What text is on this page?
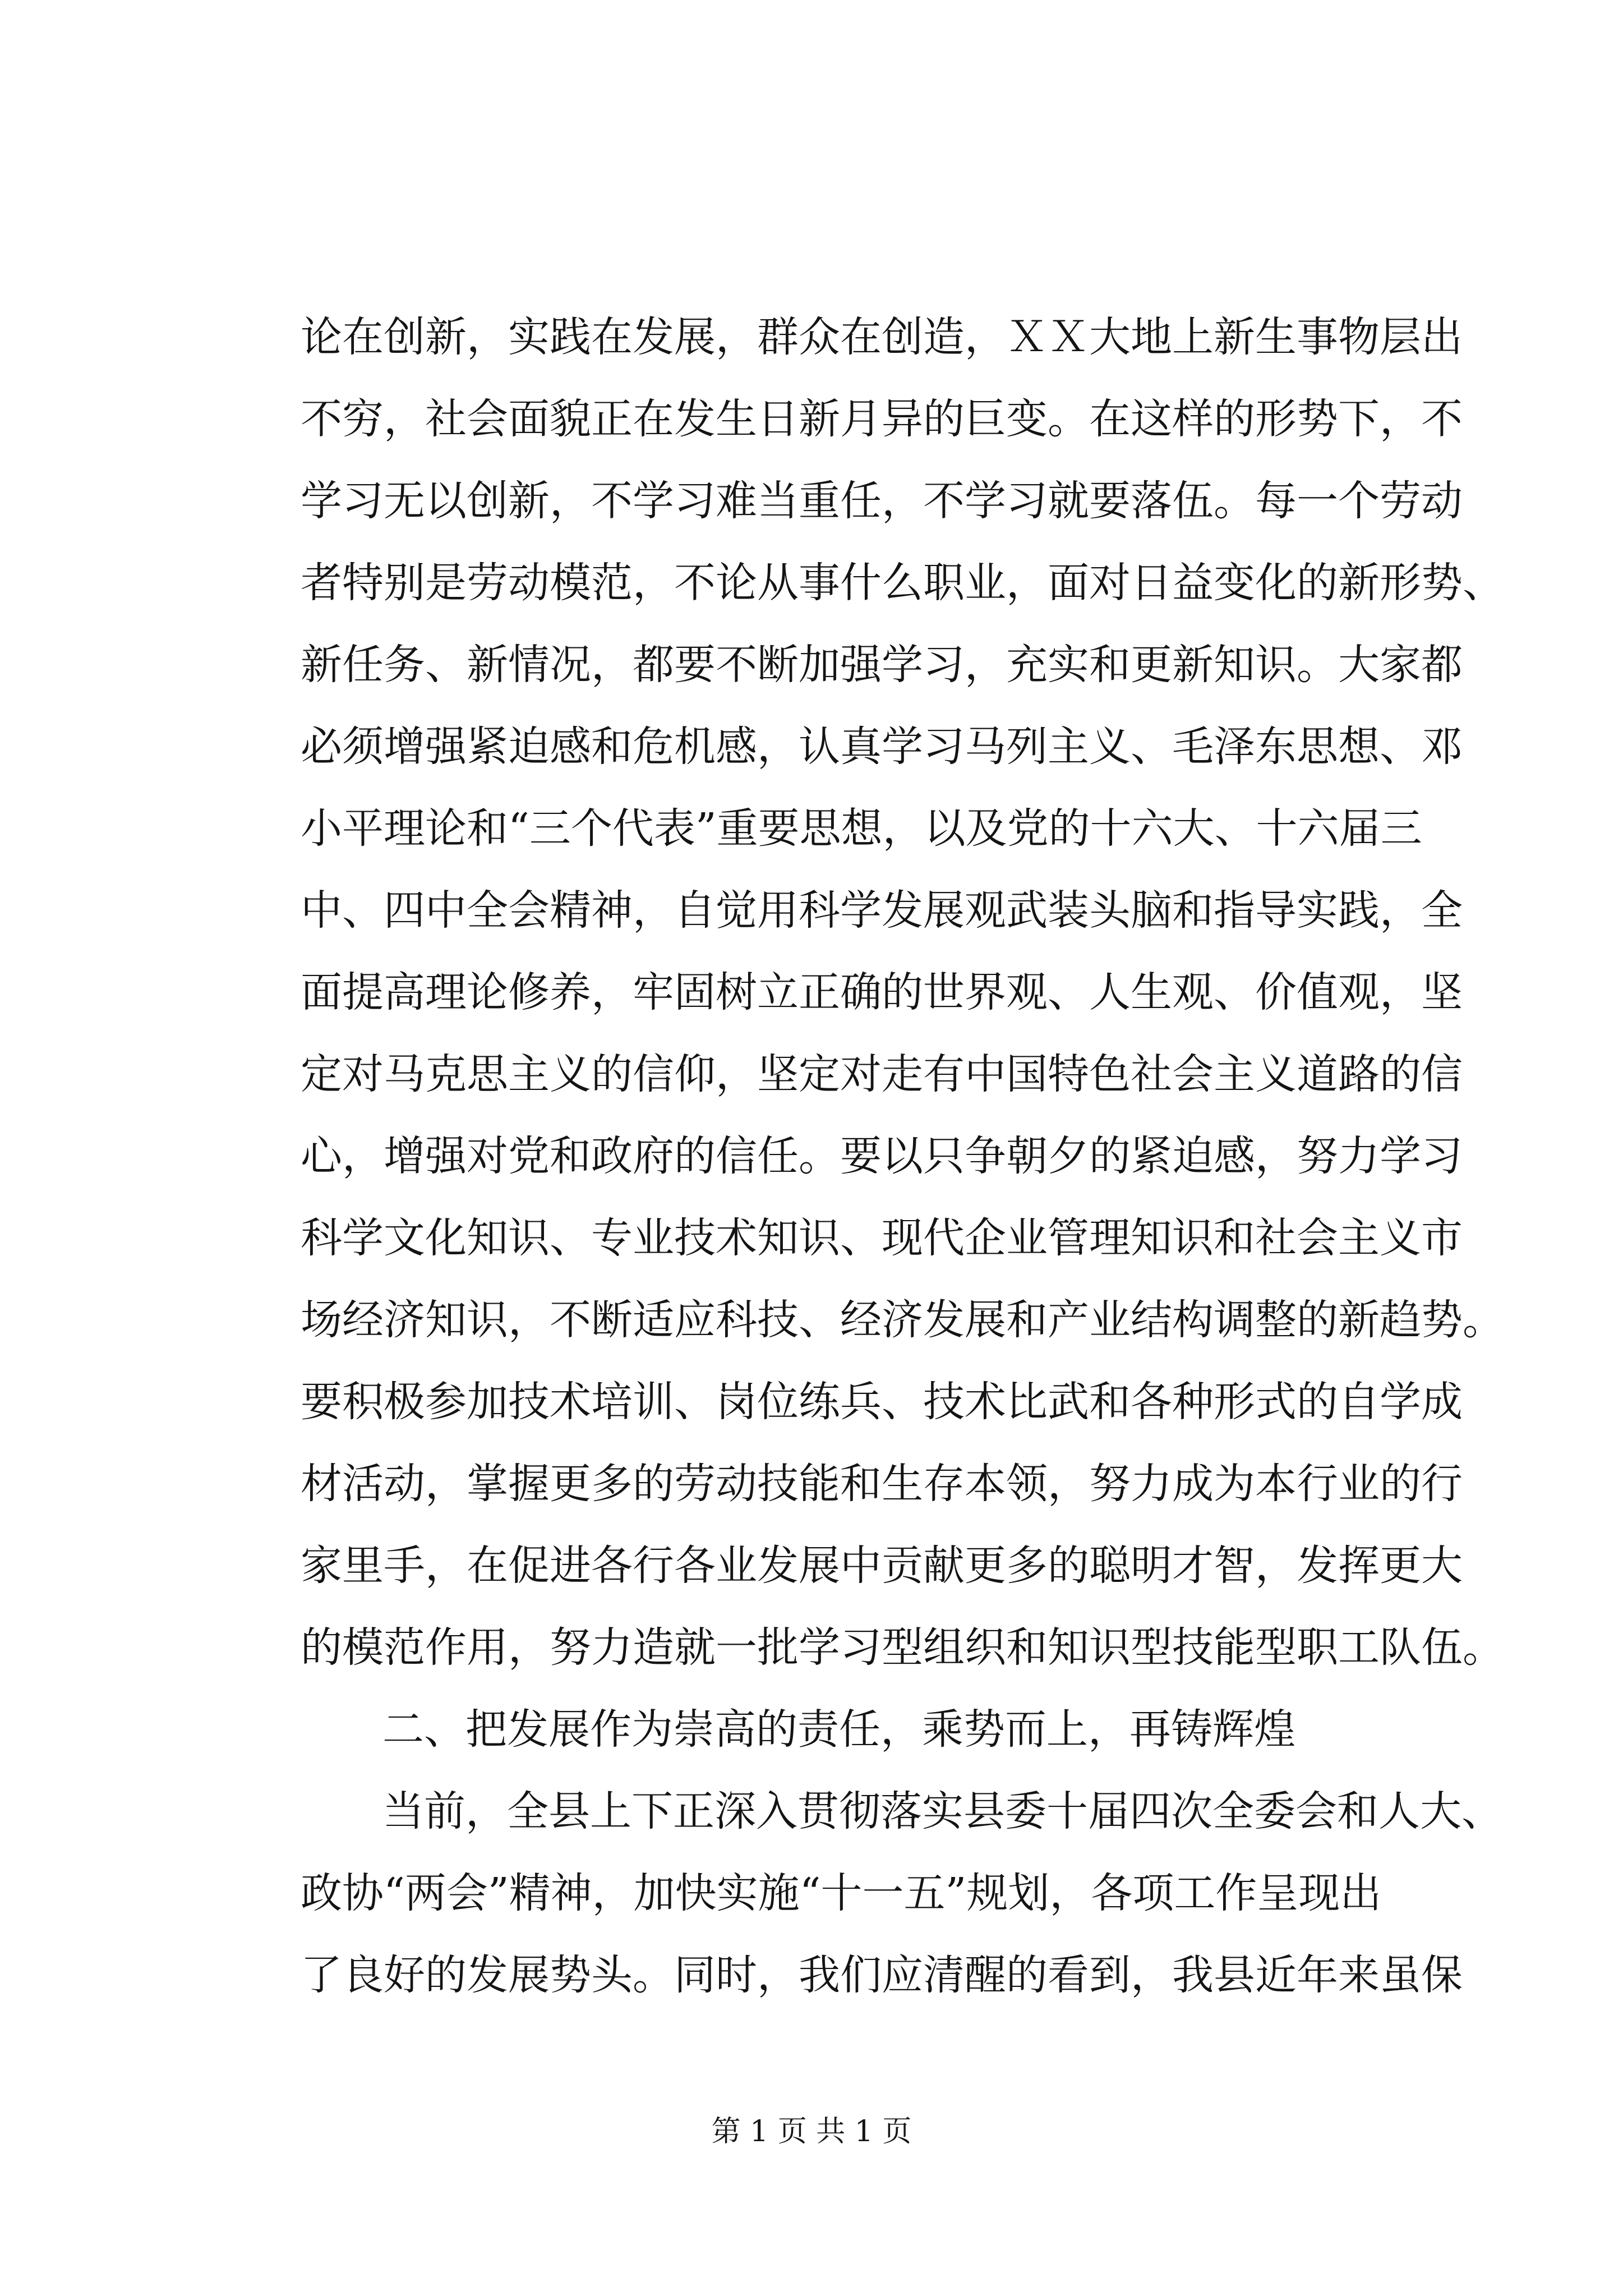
论在创新，实践在发展，群众在创造，ＸＸ大地上新生事物层出
不穷，社会面貌正在发生日新月异的巨变。在这样的形势下，不
学习无以创新，不学习难当重任，不学习就要落伍。每一个劳动
者特别是劳动模范，不论从事什么职业，面对日益变化的新形势、
新任务、新情况，都要不断加强学习，充实和更新知识。大家都
必须增强紧迫感和危机感，认真学习马列主义、毛泽东思想、邓
小平理论和“三个代表”重要思想，以及党的十六大、十六届三
中、四中全会精神，自觉用科学发展观武装头脑和指导实践，全
面提高理论修养，牢固树立正确的世界观、人生观、价值观，坚
定对马克思主义的信仰，坚定对走有中国特色社会主义道路的信
心，增强对党和政府的信任。要以只争朝夕的紧迫感，努力学习
科学文化知识、专业技术知识、现代企业管理知识和社会主义市
场经济知识，不断适应科技、经济发展和产业结构调整的新趋势。
要积极参加技术培训、岗位练兵、技术比武和各种形式的自学成
材活动，掌握更多的劳动技能和生存本领，努力成为本行业的行
家里手，在促进各行各业发展中贡献更多的聪明才智，发挥更大
的模范作用，努力造就一批学习型组织和知识型技能型职工队伍。
二、把发展作为崇高的责任，乘势而上，再铸辉煌
当前，全县上下正深入贯彻落实县委十届四次全委会和人大、
政协“两会”精神，加快实施“十一五”规划，各项工作呈现出
了良好的发展势头。同时，我们应清醒的看到，我县近年来虽保
第 1 页 共 1 页
